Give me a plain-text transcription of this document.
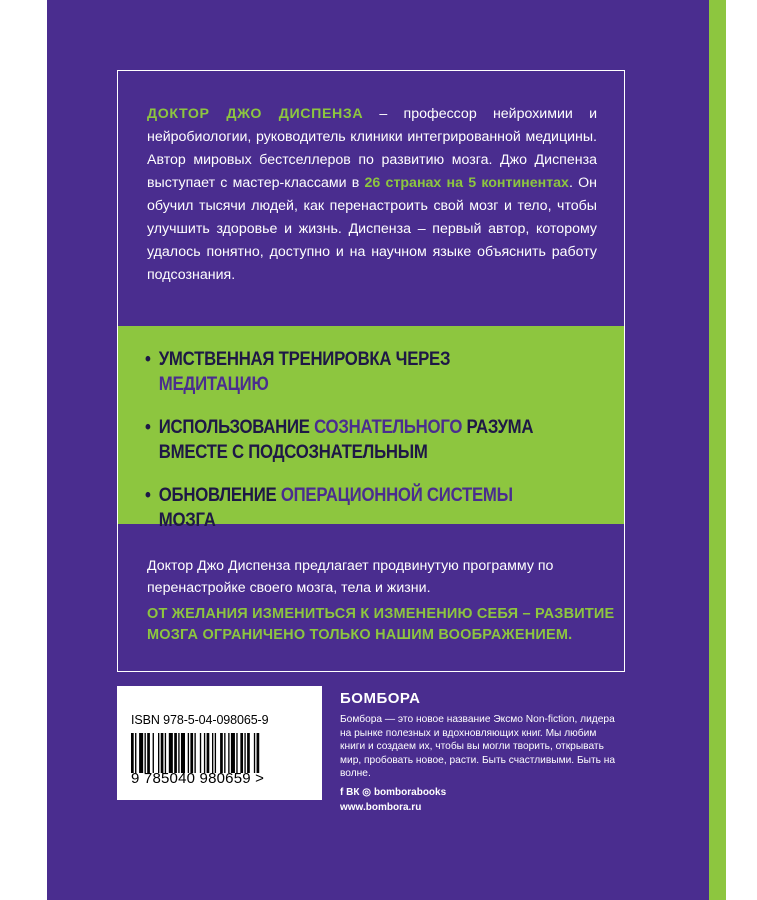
ДОКТОР ДЖО ДИСПЕНЗА – профессор нейрохимии и нейробиологии, руководитель клиники интегрированной медицины. Автор мировых бестселлеров по развитию мозга. Джо Диспенза выступает с мастер-классами в 26 странах на 5 континентах. Он обучил тысячи людей, как перенастроить свой мозг и тело, чтобы улучшить здоровье и жизнь. Диспенза – первый автор, которому удалось понятно, доступно и на научном языке объяснить работу подсознания.
• УМСТВЕННАЯ ТРЕНИРОВКА ЧЕРЕЗ МЕДИТАЦИЮ
• ИСПОЛЬЗОВАНИЕ СОЗНАТЕЛЬНОГО РАЗУМА ВМЕСТЕ С ПОДСОЗНАТЕЛЬНЫМ
• ОБНОВЛЕНИЕ ОПЕРАЦИОННОЙ СИСТЕМЫ МОЗГА
Доктор Джо Диспенза предлагает продвинутую программу по перенастройке своего мозга, тела и жизни.
ОТ ЖЕЛАНИЯ ИЗМЕНИТЬСЯ К ИЗМЕНЕНИЮ СЕБЯ – РАЗВИТИЕ МОЗГА ОГРАНИЧЕНО ТОЛЬКО НАШИМ ВООБРАЖЕНИЕМ.
ISBN 978-5-04-098065-9
9 785040 980659 >
БОМБОРА
Бомбора — это новое название Эксмо Non-fiction, лидера на рынке полезных и вдохновляющих книг. Мы любим книги и создаем их, чтобы вы могли творить, открывать мир, пробовать новое, расти. Быть счастливыми. Быть на волне.
f ВК ◎ bomborabooks
www.bombora.ru
